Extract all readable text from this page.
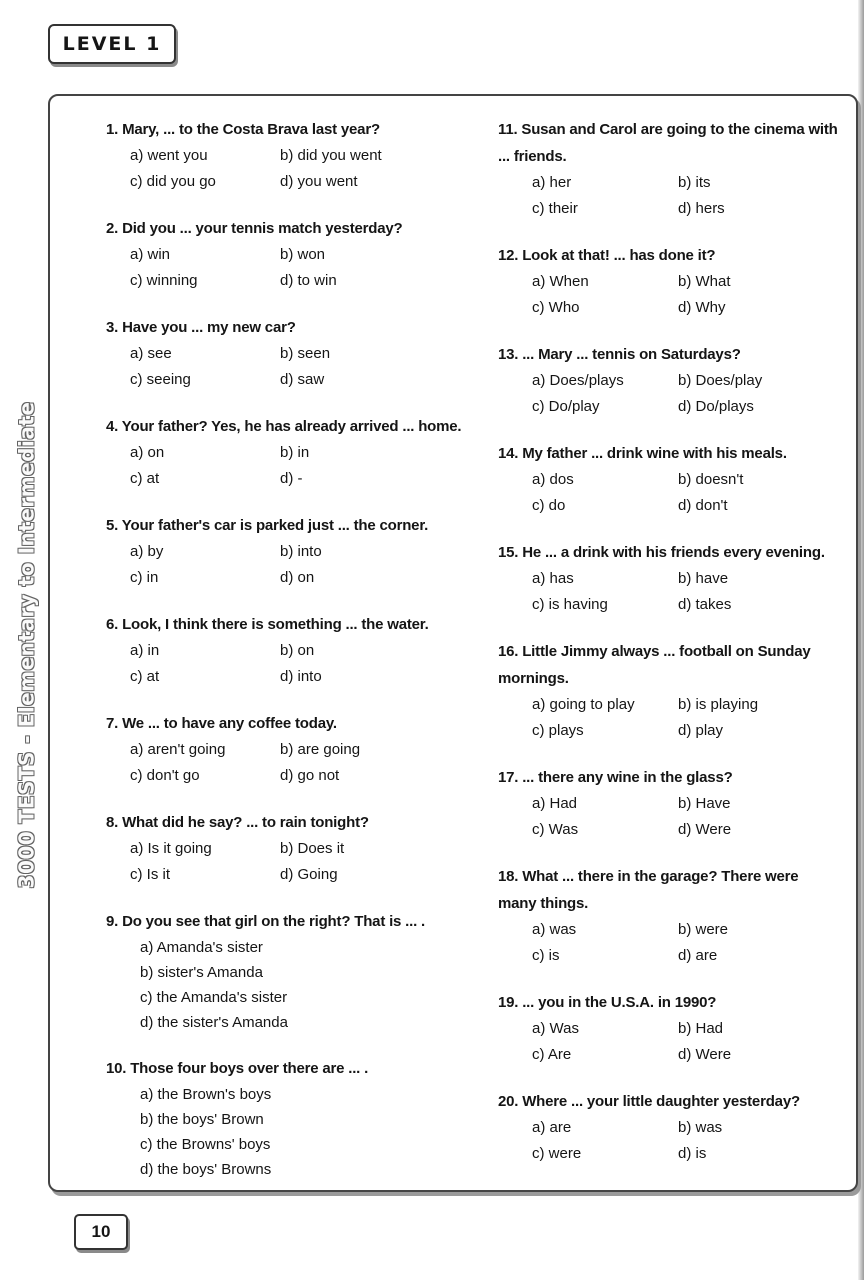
LEVEL 1
3000 TESTS - Elementary to Intermediate
1. Mary, ... to the Costa Brava last year?
a) went you	b) did you went
c) did you go	d) you went
2. Did you ... your tennis match yesterday?
a) win	b) won
c) winning	d) to win
3. Have you ... my new car?
a) see	b) seen
c) seeing	d) saw
4. Your father? Yes, he has already arrived ... home.
a) on	b) in
c) at	d) -
5. Your father's car is parked just ... the corner.
a) by	b) into
c) in	d) on
6. Look, I think there is something ... the water.
a) in	b) on
c) at	d) into
7. We ... to have any coffee today.
a) aren't going	b) are going
c) don't go	d) go not
8. What did he say? ... to rain tonight?
a) Is it going	b) Does it
c) Is it	d) Going
9. Do you see that girl on the right? That is ... .
a) Amanda's sister
b) sister's Amanda
c) the Amanda's sister
d) the sister's Amanda
10. Those four boys over there are ... .
a) the Brown's boys
b) the boys' Brown
c) the Browns' boys
d) the boys' Browns
11. Susan and Carol are going to the cinema with ... friends.
a) her	b) its
c) their	d) hers
12. Look at that! ... has done it?
a) When	b) What
c) Who	d) Why
13. ... Mary ... tennis on Saturdays?
a) Does/plays	b) Does/play
c) Do/play	d) Do/plays
14. My father ... drink wine with his meals.
a) dos	b) doesn't
c) do	d) don't
15. He ... a drink with his friends every evening.
a) has	b) have
c) is having	d) takes
16. Little Jimmy always ... football on Sunday mornings.
a) going to play	b) is playing
c) plays	d) play
17. ... there any wine in the glass?
a) Had	b) Have
c) Was	d) Were
18. What ... there in the garage? There were many things.
a) was	b) were
c) is	d) are
19. ... you in the U.S.A. in 1990?
a) Was	b) Had
c) Are	d) Were
20. Where ... your little daughter yesterday?
a) are	b) was
c) were	d) is
10
